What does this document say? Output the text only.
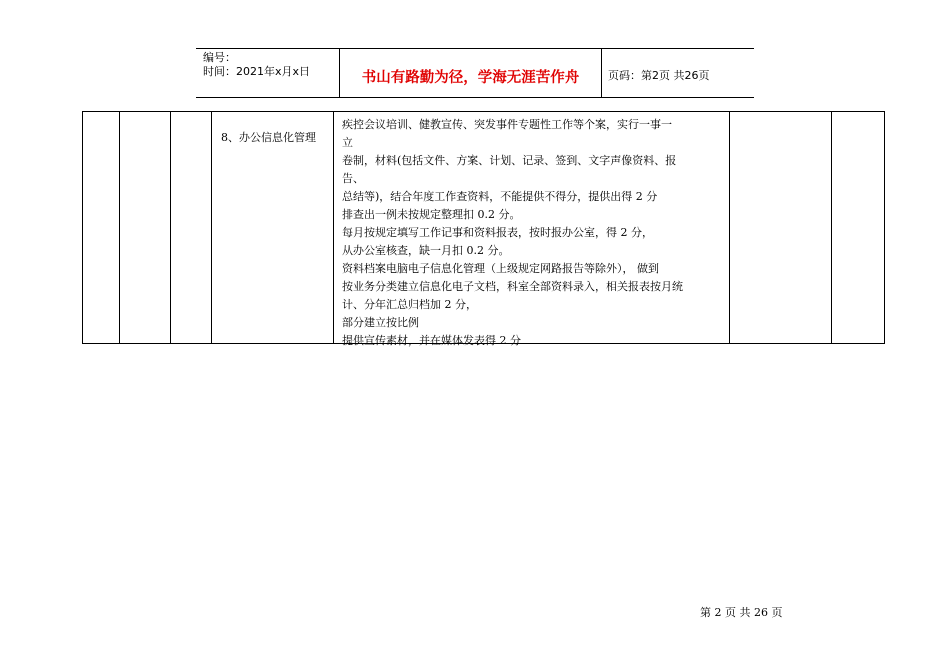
编号：
时间：2021年x月x日	书山有路勤为径，学海无涯苦作舟	页码：第2页 共26页

8、办公信息化管理

疾控会议培训、健教宣传、突发事件专题性工作等个案，实行一事一
立
卷制，材料(包括文件、方案、计划、记录、签到、文字声像资料、报
告、
总结等)，结合年度工作查资料，不能提供不得分，提供出得 2 分
排查出一例未按规定整理扣 0.2 分。
每月按规定填写工作记事和资料报表，按时报办公室，得 2 分，
从办公室核查，缺一月扣 0.2 分。
资料档案电脑电子信息化管理（上级规定网路报告等除外）， 做到
按业务分类建立信息化电子文档，科室全部资料录入，相关报表按月统
计、分年汇总归档加 2 分，
部分建立按比例
提供宣传素材，并在媒体发表得 2 分

第 2 页 共 26 页
